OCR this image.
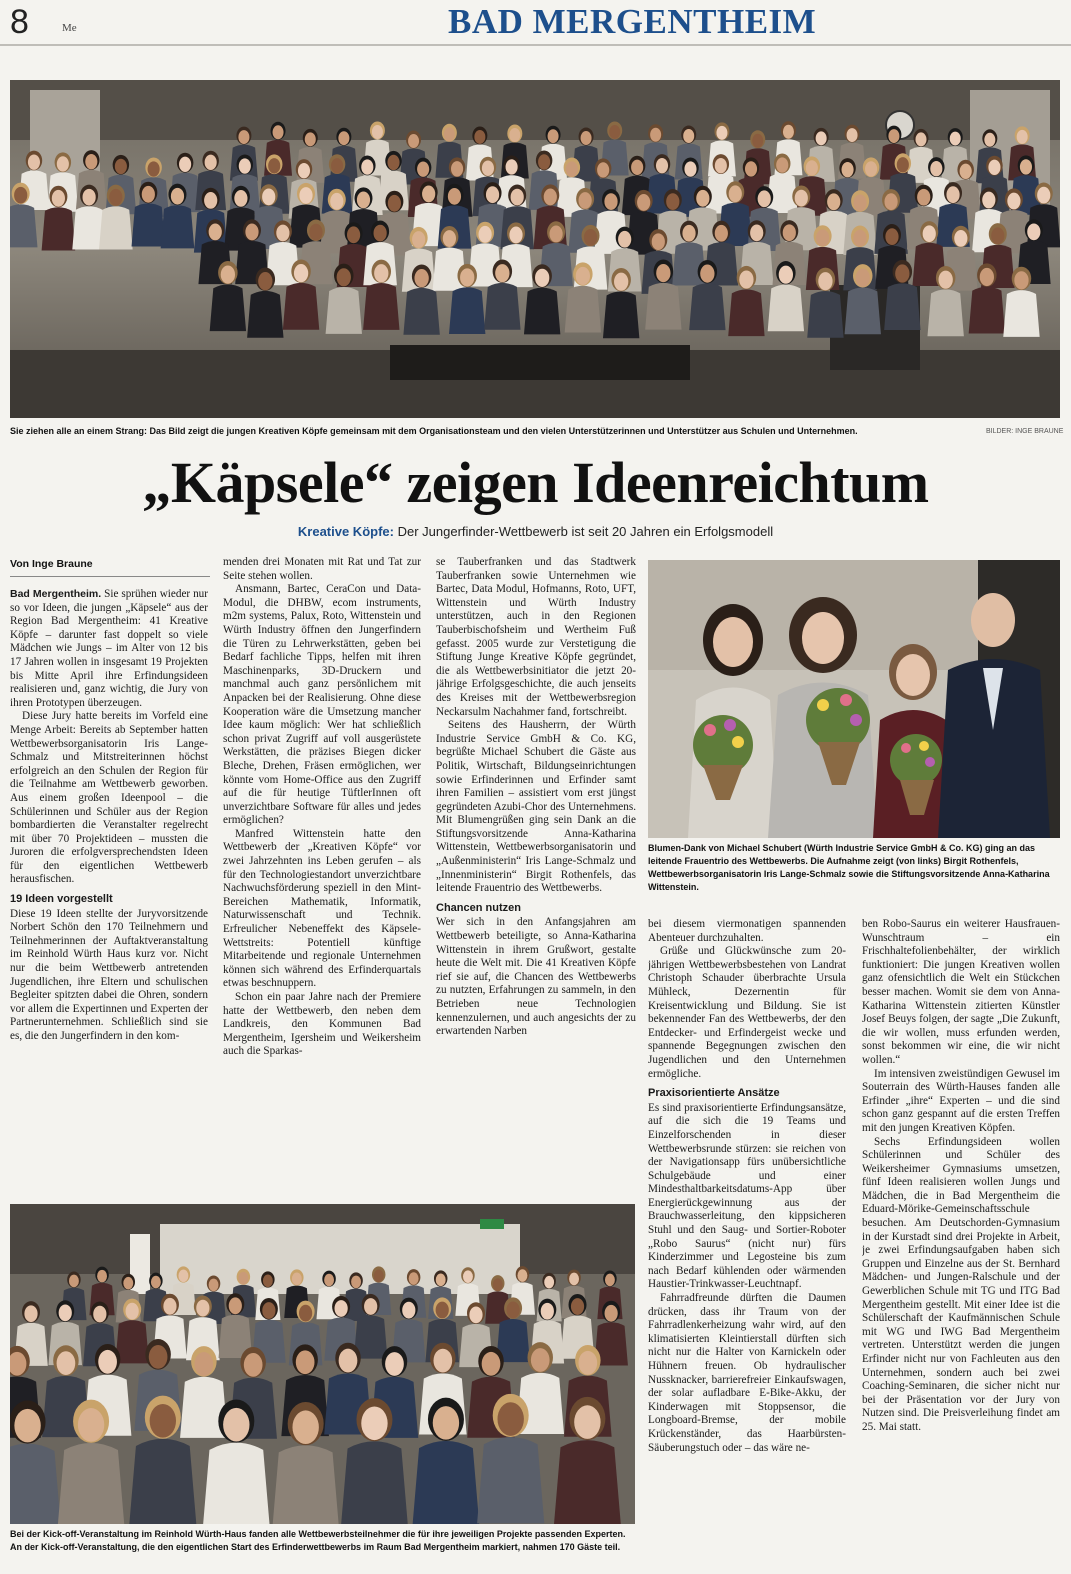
8	Me	BAD MERGENTHEIM
Sie ziehen alle an einem Strang: Das Bild zeigt die jungen Kreativen Köpfe gemeinsam mit dem Organisationsteam und den vielen Unterstützerinnen und Unterstützer aus Schulen und Unternehmen.	BILDER: INGE BRAUNE
„Käpsele“ zeigen Ideenreichtum
Kreative Köpfe: Der Jungerfinder-Wettbewerb ist seit 20 Jahren ein Erfolgsmodell
Von Inge Braune

Bad Mergentheim. Sie sprühen wieder nur so vor Ideen, die jungen „Käpsele“ aus der Region Bad Mergentheim: 41 Kreative Köpfe – darunter fast doppelt so viele Mädchen wie Jungs – im Alter von 12 bis 17 Jahren wollen in insgesamt 19 Projekten bis Mitte April ihre Erfindungsideen realisieren und, ganz wichtig, die Jury von ihren Prototypen überzeugen.

Diese Jury hatte bereits im Vorfeld eine Menge Arbeit: Bereits ab September hatten Wettbewerbsorganisatorin Iris Lange-Schmalz und Mitstreiterinnen höchst erfolgreich an den Schulen der Region für die Teilnahme am Wettbewerb geworben. Aus einem großen Ideenpool – die Schülerinnen und Schüler aus der Region bombardierten die Veranstalter regelrecht mit über 70 Projektideen – mussten die Juroren die erfolgversprechendsten Ideen für den eigentlichen Wettbewerb herausfischen.

19 Ideen vorgestellt

Diese 19 Ideen stellte der Juryvorsitzende Norbert Schön den 170 Teilnehmern und Teilnehmerinnen der Auftaktveranstaltung im Reinhold Würth Haus kurz vor. Nicht nur die beim Wettbewerb antretenden Jugendlichen, ihre Eltern und schulischen Begleiter spitzten dabei die Ohren, sondern vor allem die Expertinnen und Experten der Partnerunternehmen. Schließlich sind sie es, die den Jungerfindern in den kom-

menden drei Monaten mit Rat und Tat zur Seite stehen wollen.

Ansmann, Bartec, CeraCon und Data-Modul, die DHBW, ecom instruments, m2m systems, Palux, Roto, Wittenstein und Würth Industry öffnen den Jungerfindern die Türen zu Lehrwerkstätten, geben bei Bedarf fachliche Tipps, helfen mit ihren Maschinenparks, 3D-Druckern und manchmal auch ganz persönlichem mit Anpacken bei der Realisierung. Ohne diese Kooperation wäre die Umsetzung mancher Idee kaum möglich: Wer hat schließlich schon privat Zugriff auf voll ausgerüstete Werkstätten, die präzises Biegen dicker Bleche, Drehen, Fräsen ermöglichen, wer könnte vom Home-Office aus den Zugriff auf die für heutige TüftlerInnen oft unverzichtbare Software für alles und jedes ermöglichen?

Manfred Wittenstein hatte den Wettbewerb der „Kreativen Köpfe“ vor zwei Jahrzehnten ins Leben gerufen – als für den Technologiestandort unverzichtbare Nachwuchsförderung speziell in den Mint-Bereichen Mathematik, Informatik, Naturwissenschaft und Technik. Erfreulicher Nebeneffekt des Käpsele-Wettstreits: Potentiell künftige Mitarbeitende und regionale Unternehmen können sich während des Erfinderquartals etwas beschnuppern.

Schon ein paar Jahre nach der Premiere hatte der Wettbewerb, den neben dem Landkreis, den Kommunen Bad Mergentheim, Igersheim und Weikersheim auch die Sparkas-

se Tauberfranken und das Stadtwerk Tauberfranken sowie Unternehmen wie Bartec, Data Modul, Hofmanns, Roto, UFT, Wittenstein und Würth Industry unterstützen, auch in den Regionen Tauberbischofsheim und Wertheim Fuß gefasst. 2005 wurde zur Verstetigung die Stiftung Junge Kreative Köpfe gegründet, die als Wettbewerbsinitiator die jetzt 20-jährige Erfolgsgeschichte, die auch jenseits des Kreises mit der Wettbewerbsregion Neckarsulm Nachahmer fand, fortschreibt.

Seitens des Hausherrn, der Würth Industrie Service GmbH & Co. KG, begrüßte Michael Schubert die Gäste aus Politik, Wirtschaft, Bildungseinrichtungen sowie Erfinderinnen und Erfinder samt ihren Familien – assistiert vom erst jüngst gegründeten Azubi-Chor des Unternehmens. Mit Blumengrüßen ging sein Dank an die Stiftungsvorsitzende Anna-Katharina Wittenstein, Wettbewerbsorganisatorin und „Außenministerin“ Iris Lange-Schmalz und „Innenministerin“ Birgit Rothenfels, das leitende Frauentrio des Wettbewerbs.

Chancen nutzen

Wer sich in den Anfangsjahren am Wettbewerb beteiligte, so Anna-Katharina Wittenstein in ihrem Grußwort, gestalte heute die Welt mit. Die 41 Kreativen Köpfe rief sie auf, die Chancen des Wettbewerbs zu nutzten, Erfahrungen zu sammeln, in den Betrieben neue Technologien kennenzulernen, und auch angesichts der zu erwartenden Narben

bei diesem viermonatigen spannenden Abenteuer durchzuhalten.

Grüße und Glückwünsche zum 20-jährigen Wettbewerbsbestehen von Landrat Christoph Schauder überbrachte Ursula Mühleck, Dezernentin für Kreisentwicklung und Bildung. Sie ist bekennender Fan des Wettbewerbs, der den Entdecker- und Erfindergeist wecke und spannende Begegnungen zwischen den Jugendlichen und den Unternehmen ermögliche.

Praxisorientierte Ansätze

Es sind praxisorientierte Erfindungsansätze, auf die sich die 19 Teams und Einzelforschenden in dieser Wettbewerbsrunde stürzen: sie reichen von der Navigationsapp fürs unübersichtliche Schulgebäude und einer Mindesthaltbarkeitsdatums-App über Energierückgewinnung aus der Brauchwasserleitung, den kippsicheren Stuhl und den Saug- und Sortier-Roboter „Robo Saurus“ (nicht nur) fürs Kinderzimmer und Legosteine bis zum nach Bedarf kühlenden oder wärmenden Haustier-Trinkwasser-Leuchtnapf.

Fahrradfreunde dürften die Daumen drücken, dass ihr Traum von der Fahrradlenkerheizung wahr wird, auf den klimatisierten Kleintierstall dürften sich nicht nur die Halter von Karnickeln oder Hühnern freuen. Ob hydraulischer Nussknacker, barrierefreier Einkaufswagen, der solar aufladbare E-Bike-Akku, der Kinderwagen mit Stoppsensor, die Longboard-Bremse, der mobile Krückenständer, das Haarbürsten-Säuberungstuch oder – das wäre ne-

ben Robo-Saurus ein weiterer Hausfrauen-Wunschtraum – ein Frischhaltefolienbehälter, der wirklich funktioniert: Die jungen Kreativen wollen ganz ofensichtlich die Welt ein Stückchen besser machen. Womit sie dem von Anna-Katharina Wittenstein zitierten Künstler Josef Beuys folgen, der sagte „Die Zukunft, die wir wollen, muss erfunden werden, sonst bekommen wir eine, die wir nicht wollen.“

Im intensiven zweistündigen Gewusel im Souterrain des Würth-Hauses fanden alle Erfinder „ihre“ Experten – und die sind schon ganz gespannt auf die ersten Treffen mit den jungen Kreativen Köpfen.

Sechs Erfindungsideen wollen Schülerinnen und Schüler des Weikersheimer Gymnasiums umsetzen, fünf Ideen realisieren wollen Jungs und Mädchen, die in Bad Mergentheim die Eduard-Mörike-Gemeinschaftsschule besuchen. Am Deutschorden-Gymnasium in der Kurstadt sind drei Projekte in Arbeit, je zwei Erfindungsaufgaben haben sich Gruppen und Einzelne aus der St. Bernhard Mädchen- und Jungen-Ralschule und der Gewerblichen Schule mit TG und ITG Bad Mergentheim gestellt. Mit einer Idee ist die Schülerschaft der Kaufmännischen Schule mit WG und IWG Bad Mergentheim vertreten. Unterstützt werden die jungen Erfinder nicht nur von Fachleuten aus den Unternehmen, sondern auch bei zwei Coaching-Seminaren, die sicher nicht nur bei der Präsentation vor der Jury von Nutzen sind. Die Preisverleihung findet am 25. Mai statt.

Blumen-Dank von Michael Schubert (Würth Industrie Service GmbH & Co. KG) ging an das leitende Frauentrio des Wettbewerbs. Die Aufnahme zeigt (von links) Birgit Rothenfels, Wettbewerbsorganisatorin Iris Lange-Schmalz sowie die Stiftungsvorsitzende Anna-Katharina Wittenstein.
Bei der Kick-off-Veranstaltung im Reinhold Würth-Haus fanden alle Wettbewerbsteilnehmer die für ihre jeweiligen Projekte passenden Experten. An der Kick-off-Veranstaltung, die den eigentlichen Start des Erfinderwettbewerbs im Raum Bad Mergentheim markiert, nahmen 170 Gäste teil.
